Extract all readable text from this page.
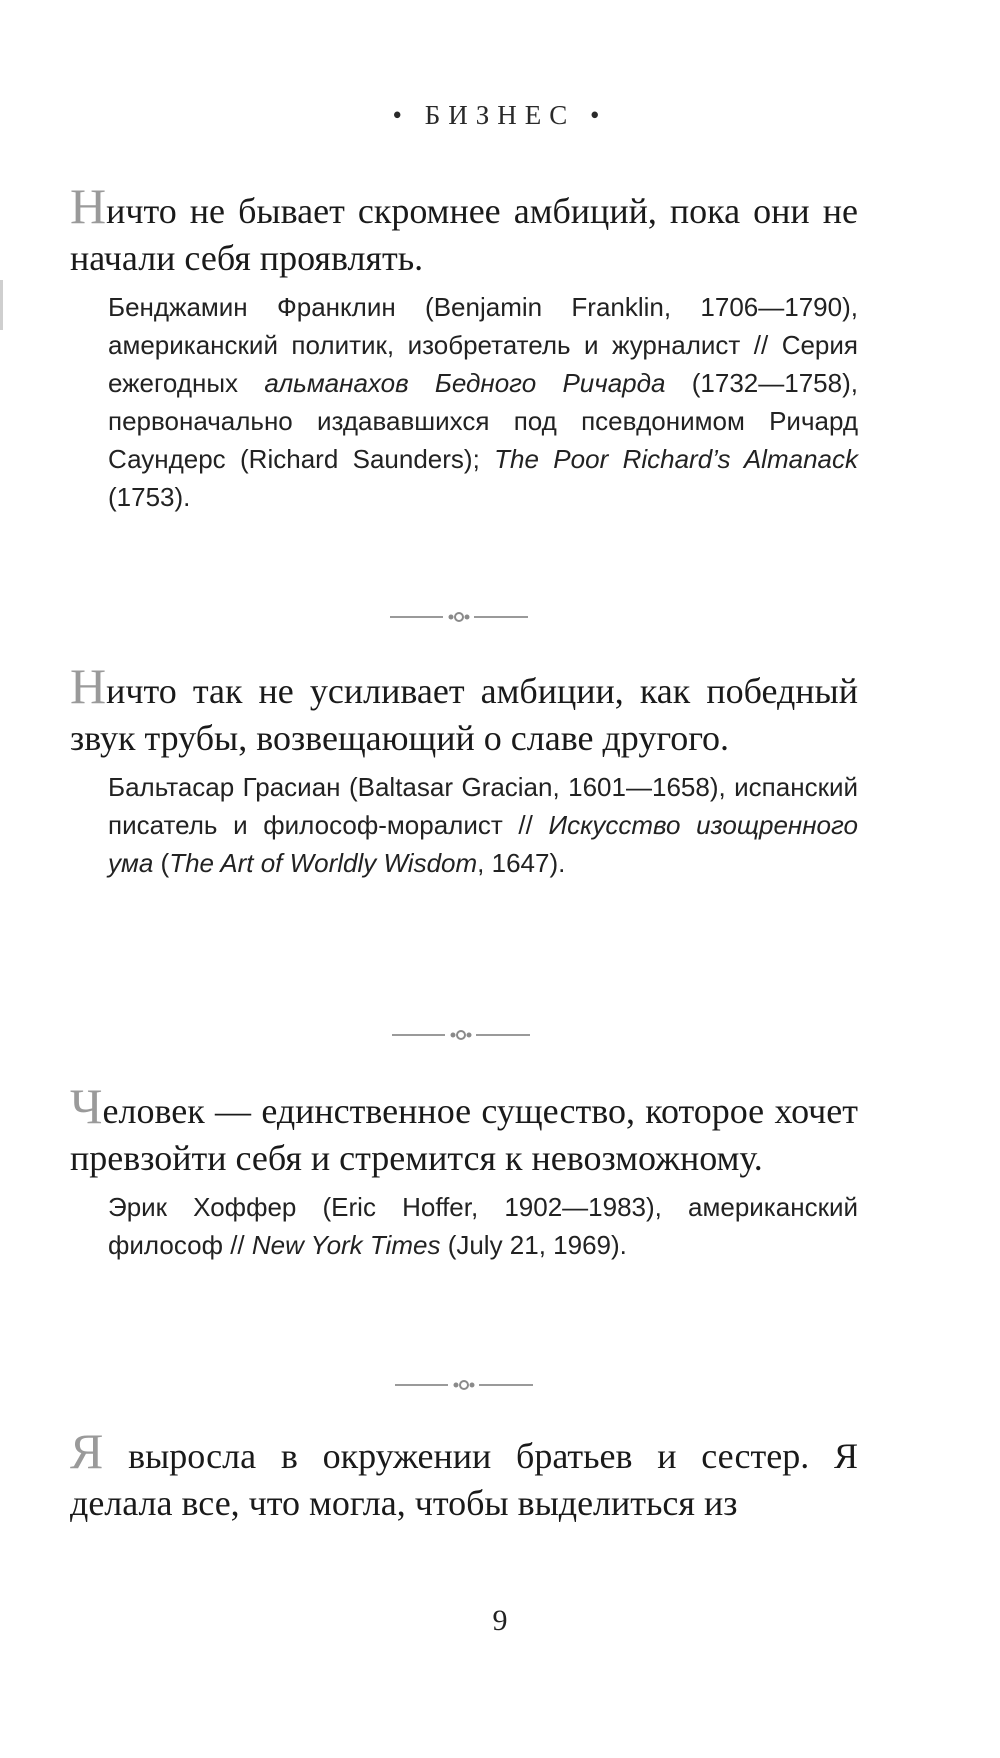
• БИЗНЕС •

Ничто не бывает скромнее амбиций, пока они не начали себя проявлять.

Бенджамин Франклин (Benjamin Franklin, 1706—1790), американский политик, изобретатель и журналист // Серия ежегодных альманахов Бедного Ричарда (1732—1758), первоначально издававшихся под псевдонимом Ричард Саундерс (Richard Saunders); The Poor Richard’s Almanack (1753).

Ничто так не усиливает амбиции, как победный звук трубы, возвещающий о славе другого.

Бальтасар Грасиан (Baltasar Gracian, 1601—1658), испанский писатель и философ-моралист // Искусство изощренного ума (The Art of Worldly Wisdom, 1647).

Человек — единственное существо, которое хочет превзойти себя и стремится к невозможному.

Эрик Хоффер (Eric Hoffer, 1902—1983), американский философ // New York Times (July 21, 1969).

Я выросла в окружении братьев и сестер. Я делала все, что могла, чтобы выделиться из

9
